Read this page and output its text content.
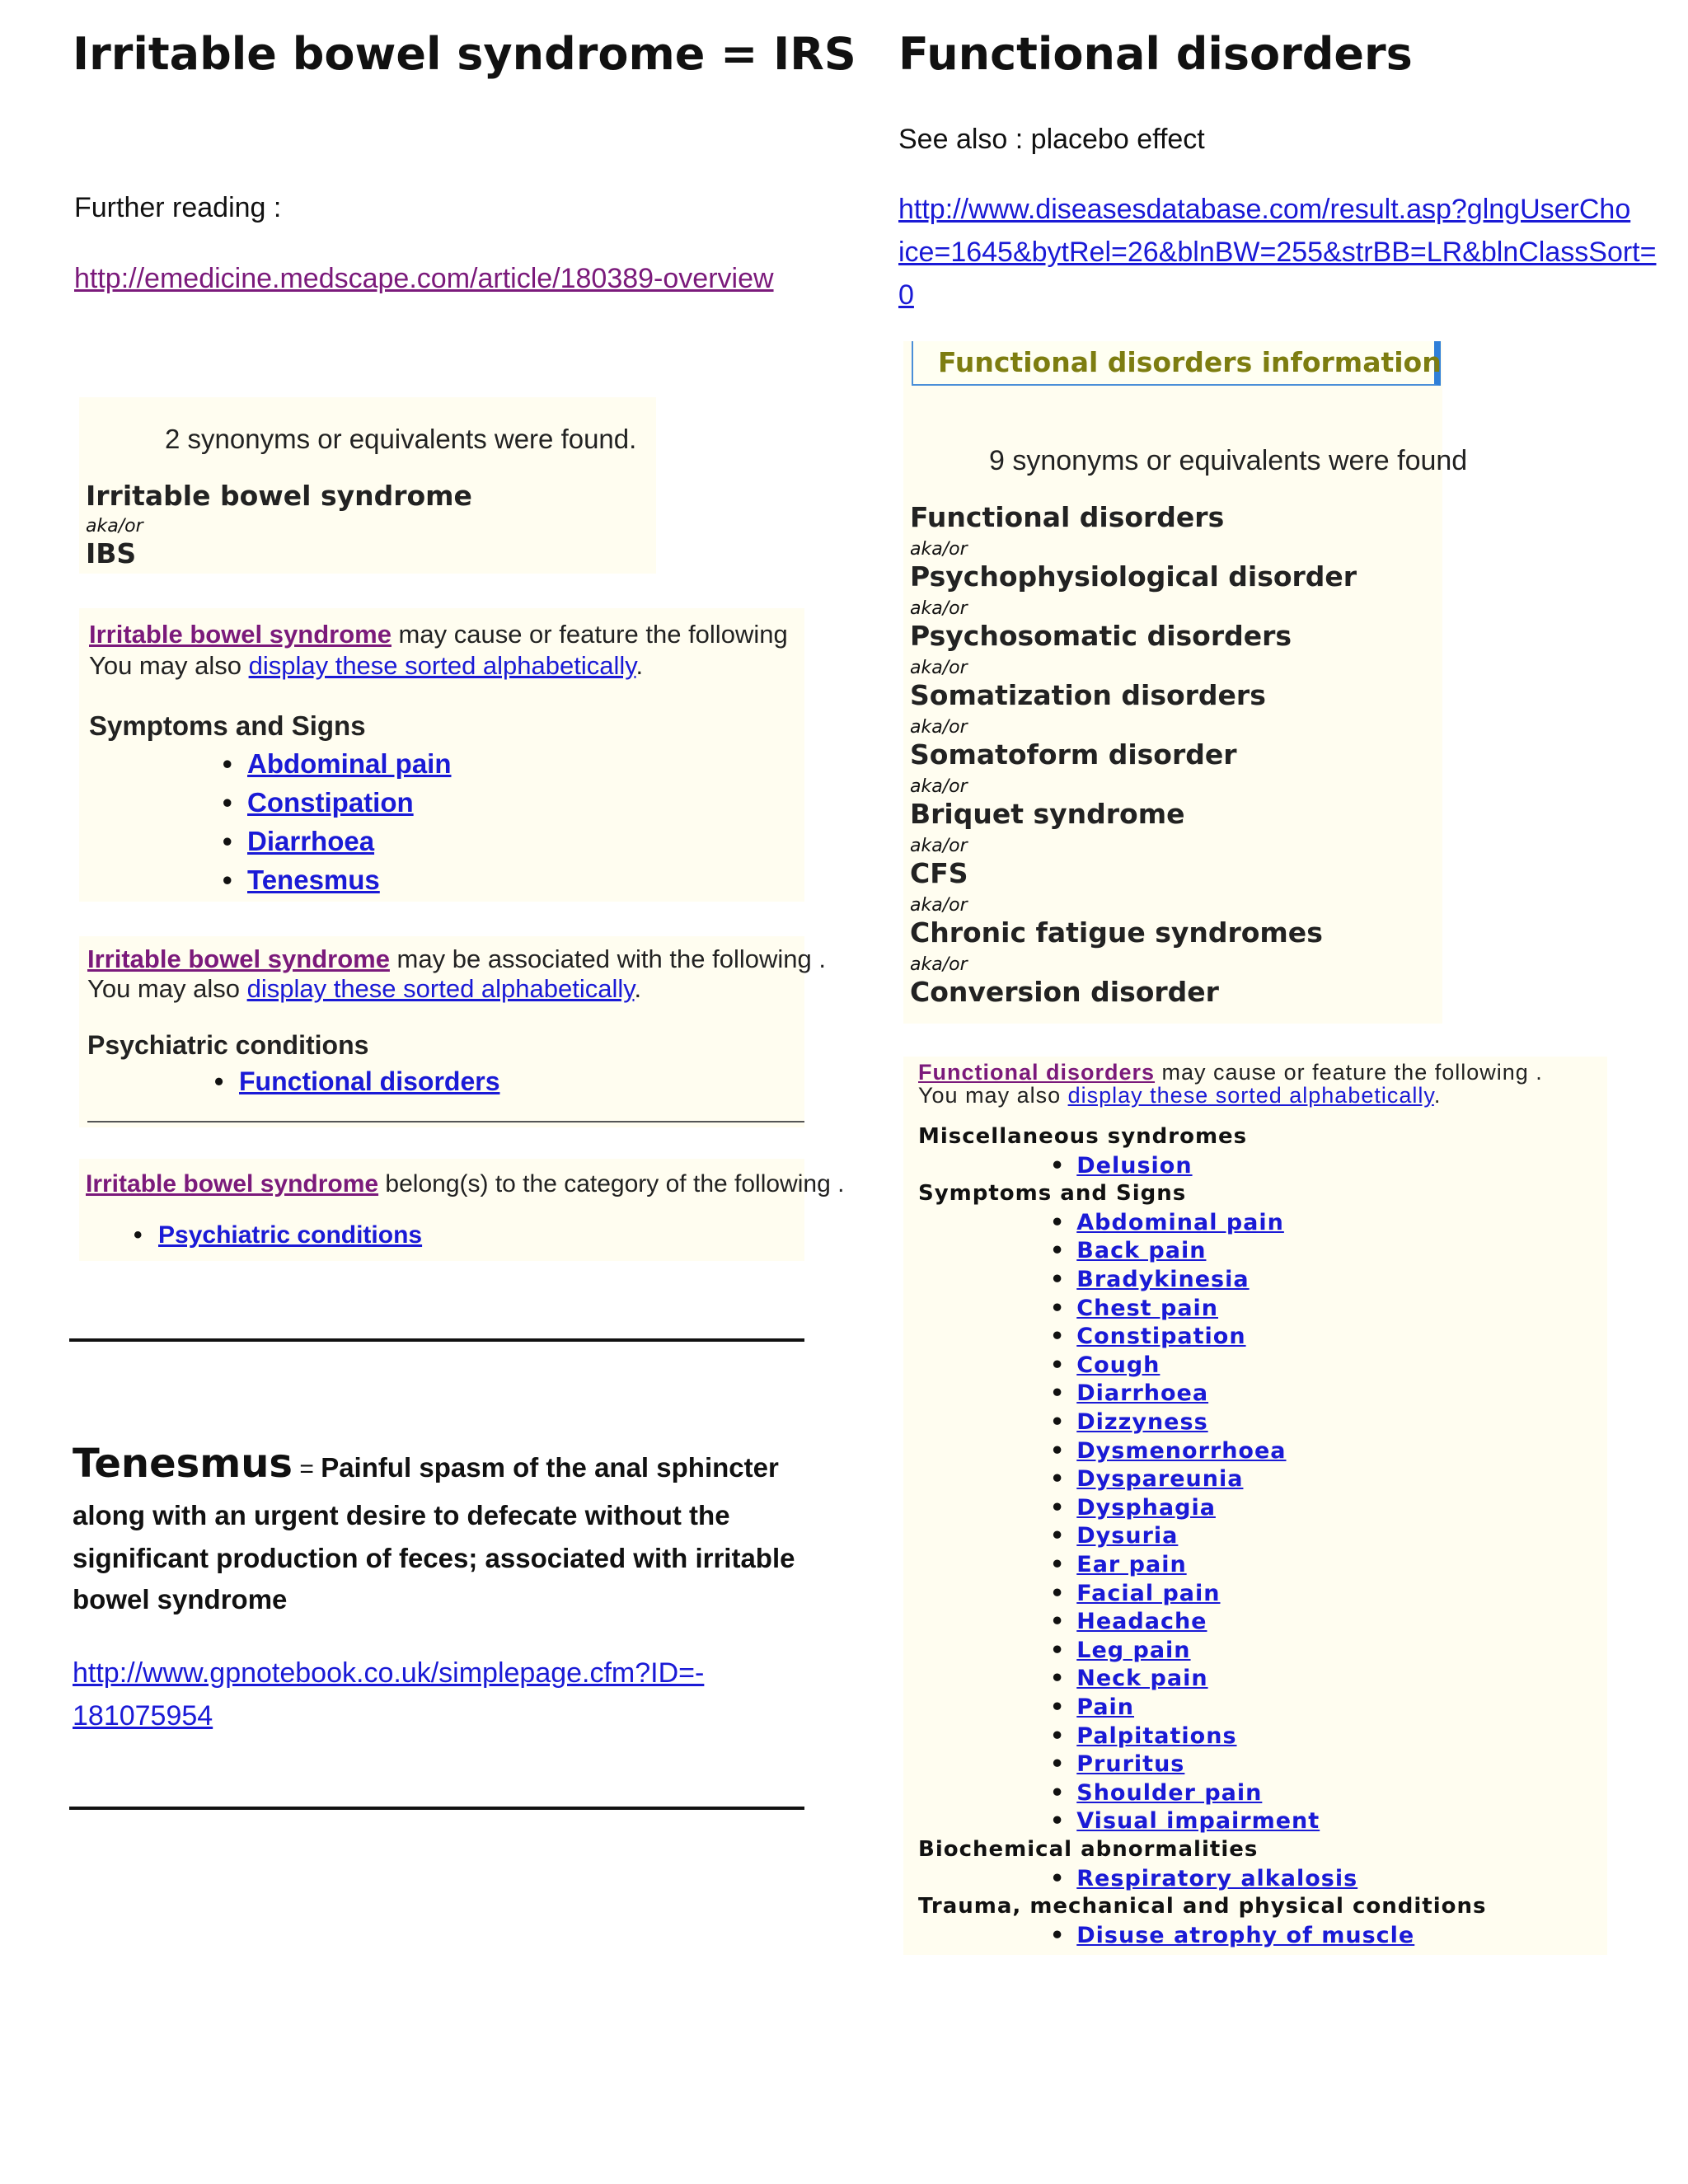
Irritable bowel syndrome = IRS
Further reading :
http://emedicine.medscape.com/article/180389-overview
2 synonyms or equivalents were found.
Irritable bowel syndrome
aka/or
IBS
Irritable bowel syndrome may cause or feature the following
You may also display these sorted alphabetically.
Symptoms and Signs
• Abdominal pain
• Constipation
• Diarrhoea
• Tenesmus
Irritable bowel syndrome may be associated with the following .
You may also display these sorted alphabetically.
Psychiatric conditions
• Functional disorders
Irritable bowel syndrome belong(s) to the category of the following .
• Psychiatric conditions
Tenesmus = Painful spasm of the anal sphincter
along with an urgent desire to defecate without the
significant production of feces; associated with irritable
bowel syndrome
http://www.gpnotebook.co.uk/simplepage.cfm?ID=-
181075954
Functional disorders
See also : placebo effect
http://www.diseasesdatabase.com/result.asp?glngUserCho
ice=1645&bytRel=26&blnBW=255&strBB=LR&blnClassSort=
0
Functional disorders information
9 synonyms or equivalents were found
Functional disorders
aka/or
Psychophysiological disorder
aka/or
Psychosomatic disorders
aka/or
Somatization disorders
aka/or
Somatoform disorder
aka/or
Briquet syndrome
aka/or
CFS
aka/or
Chronic fatigue syndromes
aka/or
Conversion disorder
Functional disorders may cause or feature the following .
You may also display these sorted alphabetically.
Miscellaneous syndromes
• Delusion
Symptoms and Signs
• Abdominal pain
• Back pain
• Bradykinesia
• Chest pain
• Constipation
• Cough
• Diarrhoea
• Dizzyness
• Dysmenorrhoea
• Dyspareunia
• Dysphagia
• Dysuria
• Ear pain
• Facial pain
• Headache
• Leg pain
• Neck pain
• Pain
• Palpitations
• Pruritus
• Shoulder pain
• Visual impairment
Biochemical abnormalities
• Respiratory alkalosis
Trauma, mechanical and physical conditions
• Disuse atrophy of muscle
